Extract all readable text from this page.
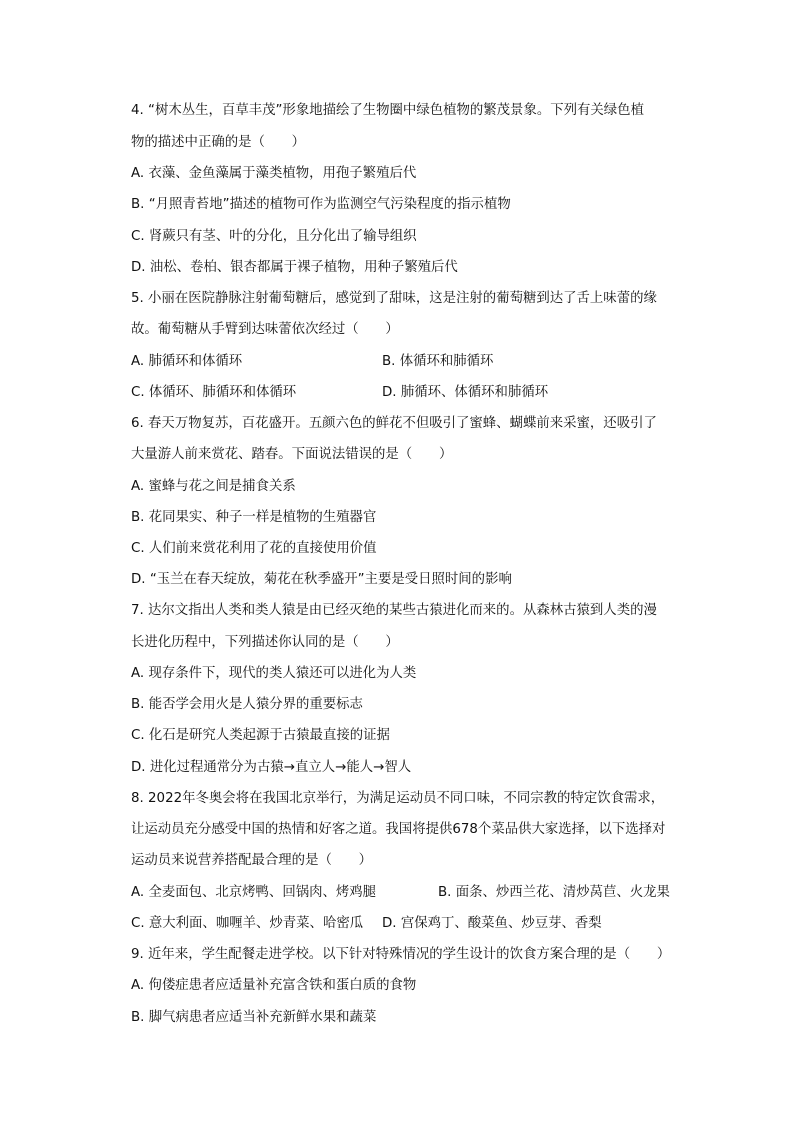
4. “树木丛生，百草丰茂”形象地描绘了生物圈中绿色植物的繁茂景象。下列有关绿色植
物的描述中正确的是（　　）
A. 衣藻、金鱼藻属于藻类植物，用孢子繁殖后代
B. “月照青苔地”描述的植物可作为监测空气污染程度的指示植物
C. 肾蕨只有茎、叶的分化，且分化出了输导组织
D. 油松、卷柏、银杏都属于裸子植物，用种子繁殖后代
5. 小丽在医院静脉注射葡萄糖后，感觉到了甜味，这是注射的葡萄糖到达了舌上味蕾的缘
故。葡萄糖从手臂到达味蕾依次经过（　　）
A. 肺循环和体循环	B. 体循环和肺循环
C. 体循环、肺循环和体循环	D. 肺循环、体循环和肺循环
6. 春天万物复苏，百花盛开。五颜六色的鲜花不但吸引了蜜蜂、蝴蝶前来采蜜，还吸引了
大量游人前来赏花、踏春。下面说法错误的是（　　）
A. 蜜蜂与花之间是捕食关系
B. 花同果实、种子一样是植物的生殖器官
C. 人们前来赏花利用了花的直接使用价值
D. “玉兰在春天绽放，菊花在秋季盛开”主要是受日照时间的影响
7. 达尔文指出人类和类人猿是由已经灭绝的某些古猿进化而来的。从森林古猿到人类的漫
长进化历程中，下列描述你认同的是（　　）
A. 现存条件下，现代的类人猿还可以进化为人类
B. 能否学会用火是人猿分界的重要标志
C. 化石是研究人类起源于古猿最直接的证据
D. 进化过程通常分为古猿→直立人→能人→智人
8. 2022年冬奥会将在我国北京举行，为满足运动员不同口味，不同宗教的特定饮食需求，
让运动员充分感受中国的热情和好客之道。我国将提供678个菜品供大家选择，以下选择对
运动员来说营养搭配最合理的是（　　）
A. 全麦面包、北京烤鸭、回锅肉、烤鸡腿	B. 面条、炒西兰花、清炒莴苣、火龙果
C. 意大利面、咖喱羊、炒青菜、哈密瓜 D. 宫保鸡丁、酸菜鱼、炒豆芽、香梨
9. 近年来，学生配餐走进学校。以下针对特殊情况的学生设计的饮食方案合理的是（　　）
A. 佝偻症患者应适量补充富含铁和蛋白质的食物
B. 脚气病患者应适当补充新鲜水果和蔬菜
